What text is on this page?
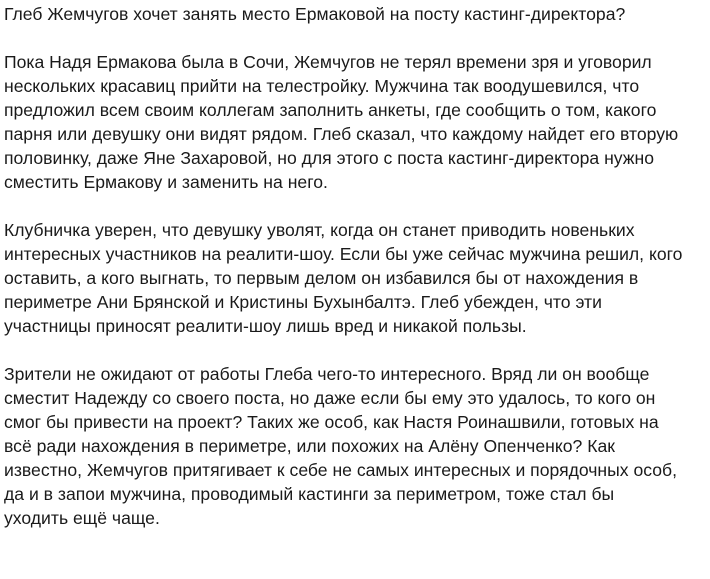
Глеб Жемчугов хочет занять место Ермаковой на посту кастинг-директора?

Пока Надя Ермакова была в Сочи, Жемчугов не терял времени зря и уговорил
нескольких красавиц прийти на телестройку. Мужчина так воодушевился, что
предложил всем своим коллегам заполнить анкеты, где сообщить о том, какого
парня или девушку они видят рядом. Глеб сказал, что каждому найдет его вторую
половинку, даже Яне Захаровой, но для этого с поста кастинг-директора нужно
сместить Ермакову и заменить на него.

Клубничка уверен, что девушку уволят, когда он станет приводить новеньких
интересных участников на реалити-шоу. Если бы уже сейчас мужчина решил, кого
оставить, а кого выгнать, то первым делом он избавился бы от нахождения в
периметре Ани Брянской и Кристины Бухынбалтэ. Глеб убежден, что эти
участницы приносят реалити-шоу лишь вред и никакой пользы.

Зрители не ожидают от работы Глеба чего-то интересного. Вряд ли он вообще
сместит Надежду со своего поста, но даже если бы ему это удалось, то кого он
смог бы привести на проект? Таких же особ, как Настя Роинашвили, готовых на
всё ради нахождения в периметре, или похожих на Алёну Опенченко? Как
известно, Жемчугов притягивает к себе не самых интересных и порядочных особ,
да и в запои мужчина, проводимый кастинги за периметром, тоже стал бы
уходить ещё чаще.
